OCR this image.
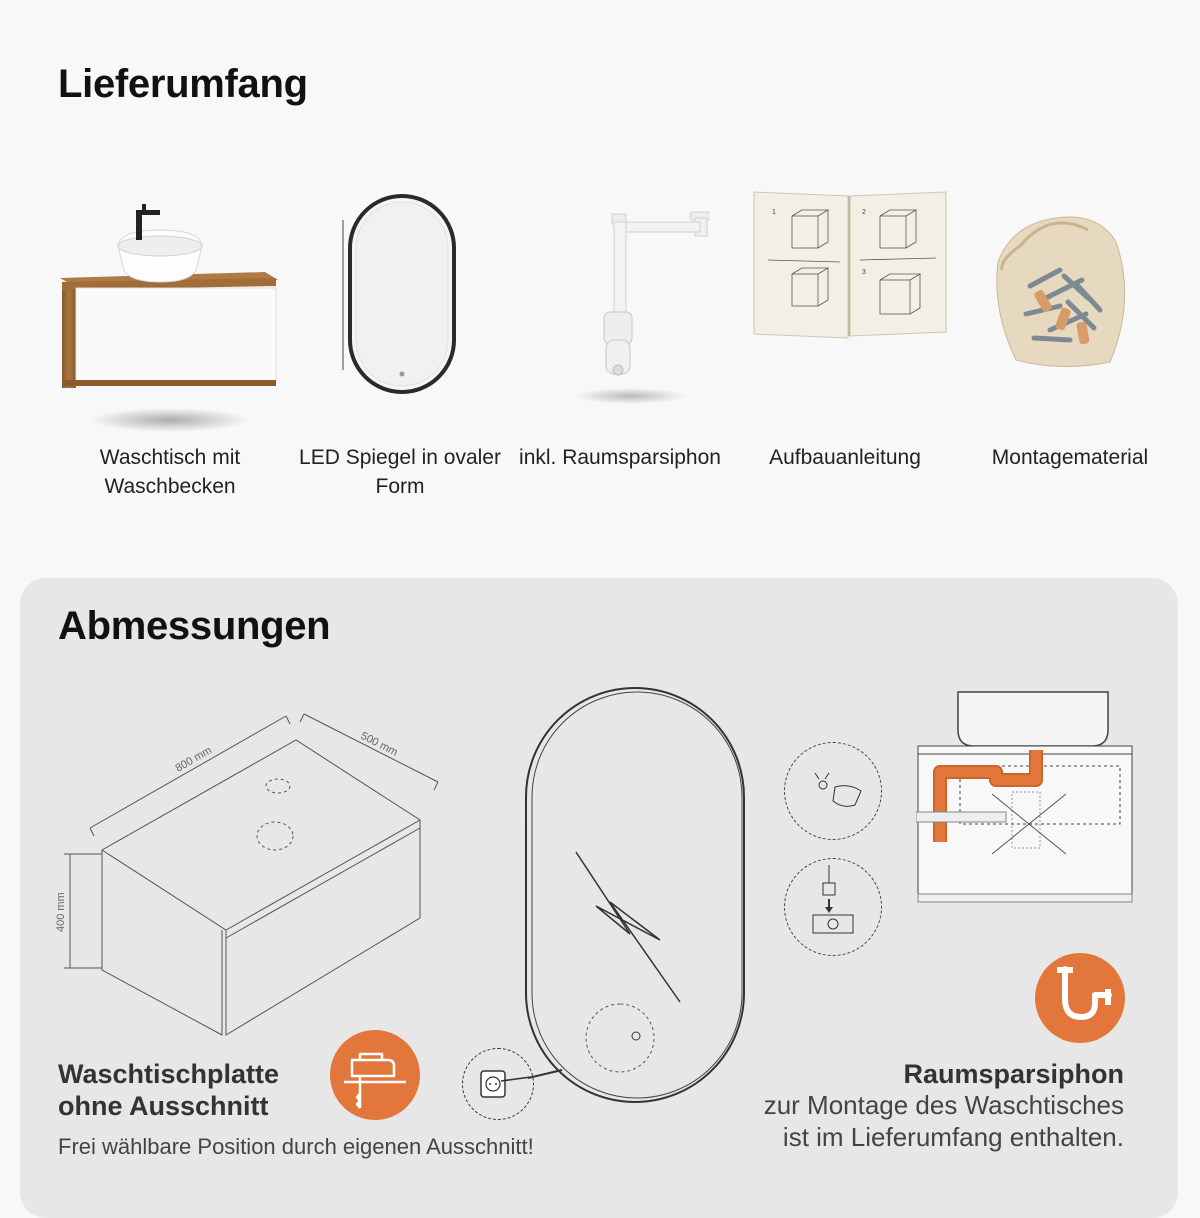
Lieferumfang
Waschtisch mit Waschbecken
LED Spiegel in ovaler Form
inkl. Raumsparsiphon
1	2
3
Aufbauanleitung	Montagematerial
Abmessungen
800 mm	500 mm
400 mm
Waschtischplatte
ohne Ausschnitt
Frei wählbare Position durch eigenen Ausschnitt!
Raumsparsiphon
zur Montage des Waschtisches
ist im Lieferumfang enthalten.
